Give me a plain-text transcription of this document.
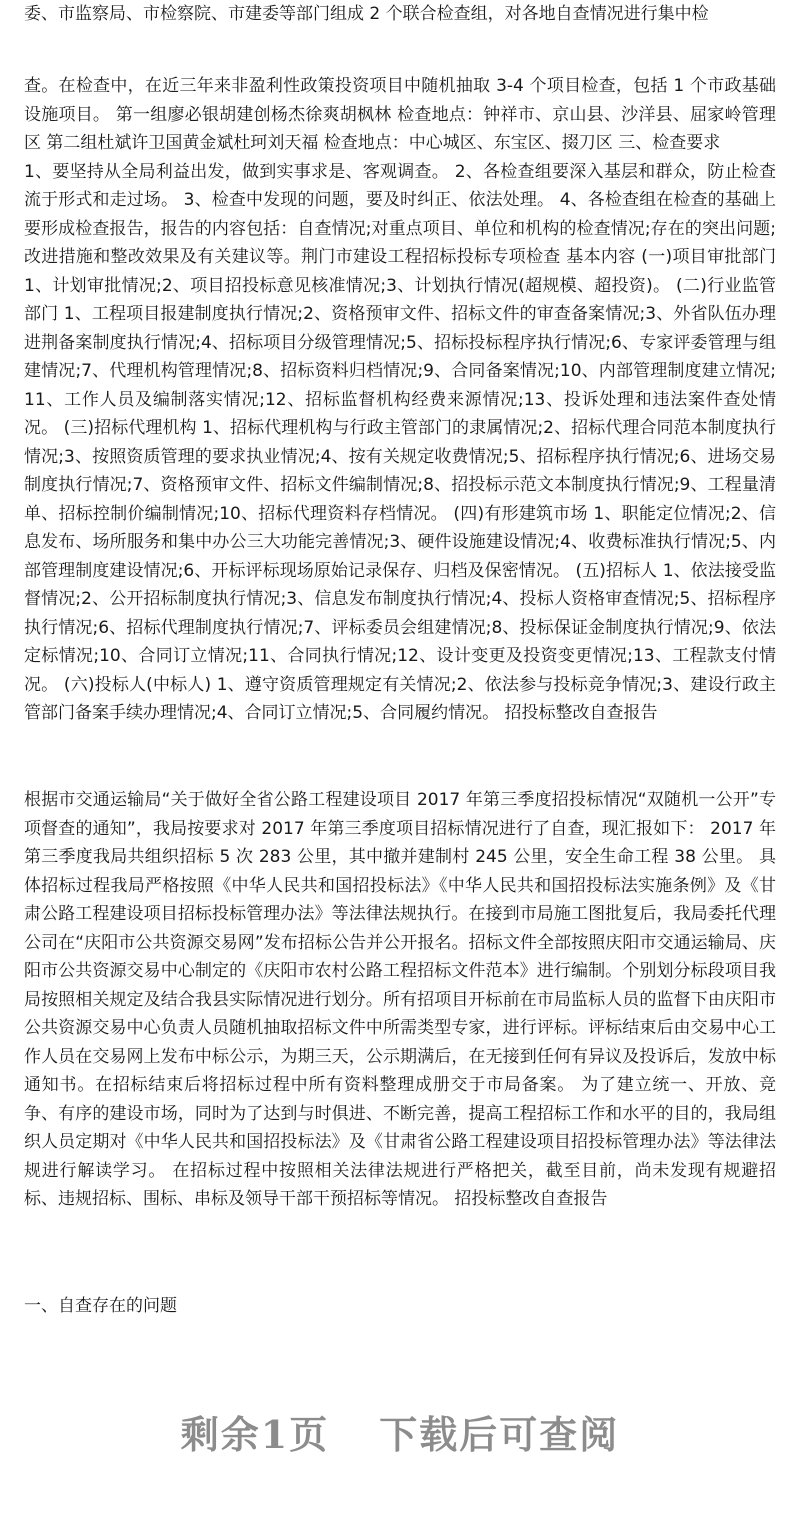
委、市监察局、市检察院、市建委等部门组成 2 个联合检查组，对各地自查情况进行集中检

查。在检查中，在近三年来非盈利性政策投资项目中随机抽取 3-4 个项目检查，包括 1 个市政基础设施项目。 第一组廖必银胡建创杨杰徐爽胡枫林 检查地点：钟祥市、京山县、沙洋县、屈家岭管理区 第二组杜斌许卫国黄金斌杜珂刘天福 检查地点：中心城区、东宝区、掇刀区 三、检查要求
1、要坚持从全局利益出发，做到实事求是、客观调查。 2、各检查组要深入基层和群众，防止检查流于形式和走过场。 3、检查中发现的问题，要及时纠正、依法处理。 4、各检查组在检查的基础上要形成检查报告，报告的内容包括：自查情况;对重点项目、单位和机构的检查情况;存在的突出问题;改进措施和整改效果及有关建议等。荆门市建设工程招标投标专项检查 基本内容 (一)项目审批部门 1、计划审批情况;2、项目招投标意见核准情况;3、计划执行情况(超规模、超投资)。 (二)行业监管部门 1、工程项目报建制度执行情况;2、资格预审文件、招标文件的审查备案情况;3、外省队伍办理进荆备案制度执行情况;4、招标项目分级管理情况;5、招标投标程序执行情况;6、专家评委管理与组建情况;7、代理机构管理情况;8、招标资料归档情况;9、合同备案情况;10、内部管理制度建立情况;11、工作人员及编制落实情况;12、招标监督机构经费来源情况;13、投诉处理和违法案件查处情况。 (三)招标代理机构 1、招标代理机构与行政主管部门的隶属情况;2、招标代理合同范本制度执行情况;3、按照资质管理的要求执业情况;4、按有关规定收费情况;5、招标程序执行情况;6、进场交易制度执行情况;7、资格预审文件、招标文件编制情况;8、招投标示范文本制度执行情况;9、工程量清单、招标控制价编制情况;10、招标代理资料存档情况。 (四)有形建筑市场 1、职能定位情况;2、信息发布、场所服务和集中办公三大功能完善情况;3、硬件设施建设情况;4、收费标准执行情况;5、内部管理制度建设情况;6、开标评标现场原始记录保存、归档及保密情况。 (五)招标人 1、依法接受监督情况;2、公开招标制度执行情况;3、信息发布制度执行情况;4、投标人资格审查情况;5、招标程序执行情况;6、招标代理制度执行情况;7、评标委员会组建情况;8、投标保证金制度执行情况;9、依法定标情况;10、合同订立情况;11、合同执行情况;12、设计变更及投资变更情况;13、工程款支付情况。 (六)投标人(中标人) 1、遵守资质管理规定有关情况;2、依法参与投标竞争情况;3、建设行政主管部门备案手续办理情况;4、合同订立情况;5、合同履约情况。 招投标整改自查报告

根据市交通运输局“关于做好全省公路工程建设项目 2017 年第三季度招投标情况“双随机一公开”专项督查的通知”，我局按要求对 2017 年第三季度项目招标情况进行了自查，现汇报如下： 2017 年第三季度我局共组织招标 5 次 283 公里，其中撤并建制村 245 公里，安全生命工程 38 公里。 具体招标过程我局严格按照《中华人民共和国招投标法》《中华人民共和国招投标法实施条例》及《甘肃公路工程建设项目招标投标管理办法》等法律法规执行。在接到市局施工图批复后，我局委托代理公司在“庆阳市公共资源交易网”发布招标公告并公开报名。招标文件全部按照庆阳市交通运输局、庆阳市公共资源交易中心制定的《庆阳市农村公路工程招标文件范本》进行编制。个别划分标段项目我局按照相关规定及结合我县实际情况进行划分。所有招项目开标前在市局监标人员的监督下由庆阳市公共资源交易中心负责人员随机抽取招标文件中所需类型专家，进行评标。评标结束后由交易中心工作人员在交易网上发布中标公示，为期三天，公示期满后，在无接到任何有异议及投诉后，发放中标通知书。在招标结束后将招标过程中所有资料整理成册交于市局备案。 为了建立统一、开放、竞争、有序的建设市场，同时为了达到与时俱进、不断完善，提高工程招标工作和水平的目的，我局组织人员定期对《中华人民共和国招投标法》及《甘肃省公路工程建设项目招投标管理办法》等法律法规进行解读学习。 在招标过程中按照相关法律法规进行严格把关，截至目前，尚未发现有规避招标、违规招标、围标、串标及领导干部干预招标等情况。 招投标整改自查报告

一、自查存在的问题

剩余1页 下载后可查阅
